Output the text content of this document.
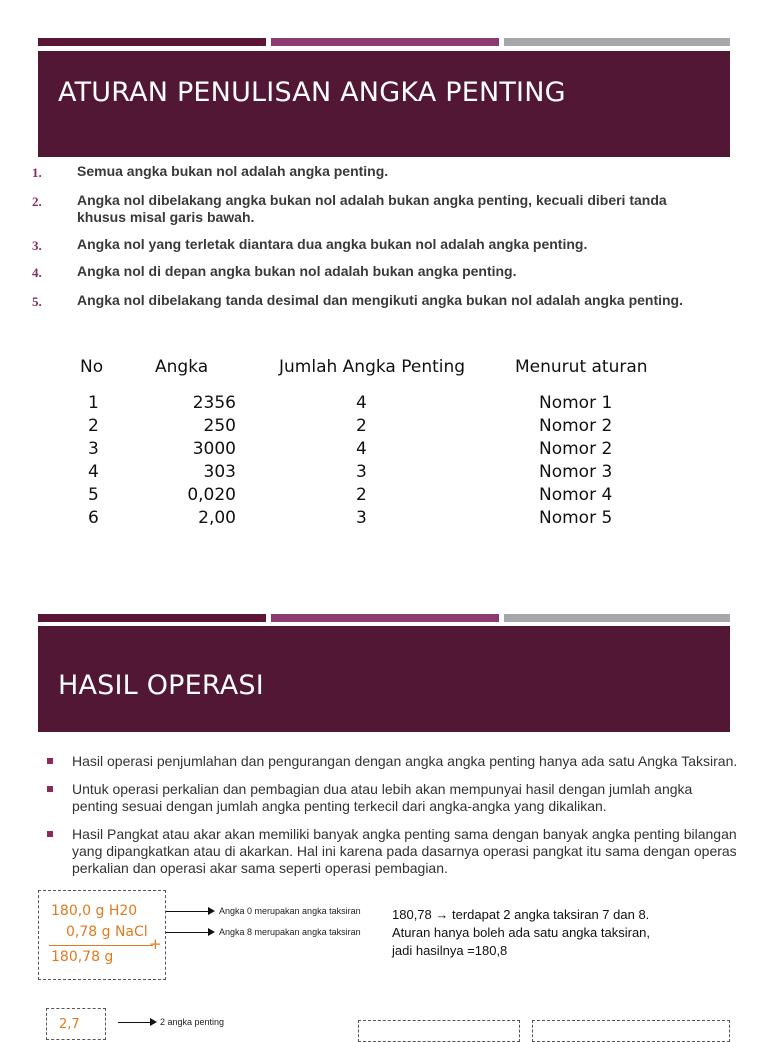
ATURAN PENULISAN ANGKA PENTING
1.	Semua angka bukan nol adalah angka penting.
2.	Angka nol dibelakang angka bukan nol adalah bukan angka penting, kecuali diberi tanda khusus misal garis bawah.
3.	Angka nol yang terletak diantara dua angka bukan nol adalah angka penting.
4.	Angka nol di depan angka bukan nol adalah bukan angka penting.
5.	Angka nol dibelakang tanda desimal dan mengikuti angka bukan nol adalah angka penting.
No	Angka	Jumlah Angka Penting	Menurut aturan
1	2356	4	Nomor 1
2	250	2	Nomor 2
3	3000	4	Nomor 2
4	303	3	Nomor 3
5	0,020	2	Nomor 4
6	2,00	3	Nomor 5
HASIL OPERASI
Hasil operasi penjumlahan dan pengurangan dengan angka angka penting hanya ada satu Angka Taksiran.
Untuk operasi perkalian dan pembagian dua atau lebih akan mempunyai hasil dengan jumlah angka penting sesuai dengan jumlah angka penting terkecil dari angka-angka yang dikalikan.
Hasil Pangkat atau akar akan memiliki banyak angka penting sama dengan banyak angka penting bilangan yang dipangkatkan atau di akarkan. Hal ini karena pada dasarnya operasi pangkat itu sama dengan operas perkalian dan operasi akar sama seperti operasi pembagian.
180,0 g H20
0,78 g NaCl
+
180,78 g
Angka 0 merupakan angka taksiran
Angka 8 merupakan angka taksiran
180,78 → terdapat 2 angka taksiran 7 dan 8.
Aturan hanya boleh ada satu angka taksiran,
jadi hasilnya =180,8
2,7	2 angka penting
